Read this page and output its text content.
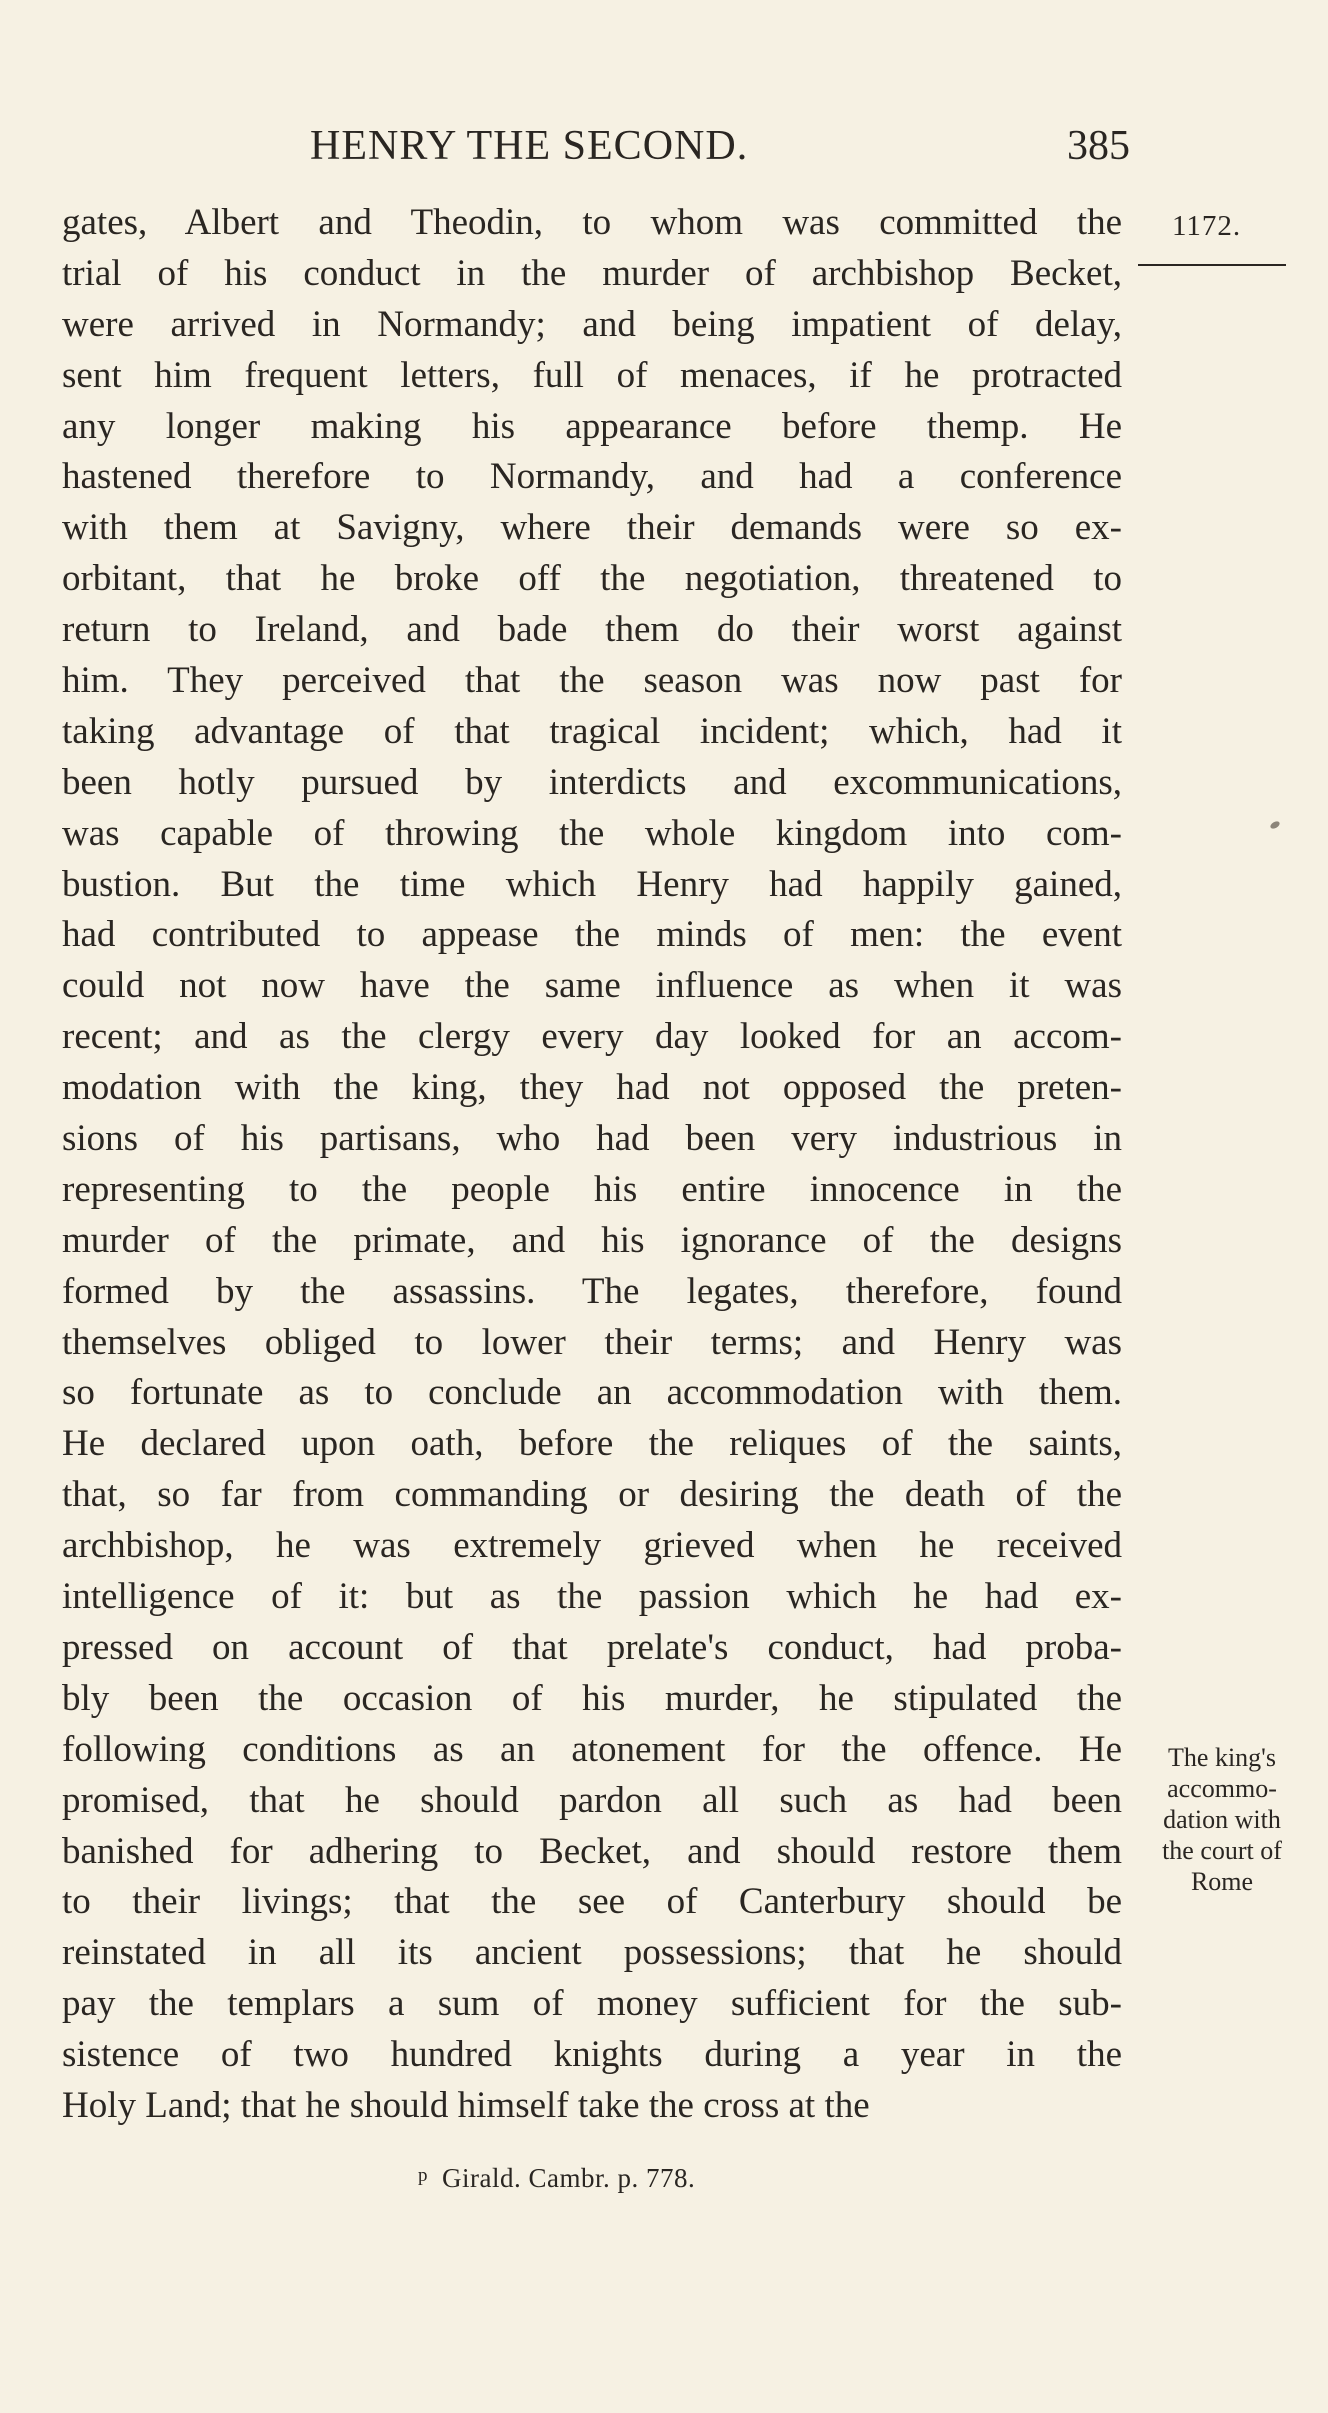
HENRY THE SECOND.	385
1172.
gates, Albert and Theodin, to whom was committed the
trial of his conduct in the murder of archbishop Becket,
were arrived in Normandy; and being impatient of delay,
sent him frequent letters, full of menaces, if he protracted
any longer making his appearance before themp. He
hastened therefore to Normandy, and had a conference
with them at Savigny, where their demands were so ex-
orbitant, that he broke off the negotiation, threatened to
return to Ireland, and bade them do their worst against
him. They perceived that the season was now past for
taking advantage of that tragical incident; which, had it
been hotly pursued by interdicts and excommunications,
was capable of throwing the whole kingdom into com-
bustion. But the time which Henry had happily gained,
had contributed to appease the minds of men: the event
could not now have the same influence as when it was
recent; and as the clergy every day looked for an accom-
modation with the king, they had not opposed the preten-
sions of his partisans, who had been very industrious in
representing to the people his entire innocence in the
murder of the primate, and his ignorance of the designs
formed by the assassins. The legates, therefore, found
themselves obliged to lower their terms; and Henry was
so fortunate as to conclude an accommodation with them.
He declared upon oath, before the reliques of the saints,
that, so far from commanding or desiring the death of the
archbishop, he was extremely grieved when he received
intelligence of it: but as the passion which he had ex-
pressed on account of that prelate's conduct, had proba-
bly been the occasion of his murder, he stipulated the
following conditions as an atonement for the offence. He
promised, that he should pardon all such as had been
banished for adhering to Becket, and should restore them
to their livings; that the see of Canterbury should be
reinstated in all its ancient possessions; that he should
pay the templars a sum of money sufficient for the sub-
sistence of two hundred knights during a year in the
Holy Land; that he should himself take the cross at the
The king's
accommo-
dation with
the court of
Rome
$^p$ Girald. Cambr. p. 778.
